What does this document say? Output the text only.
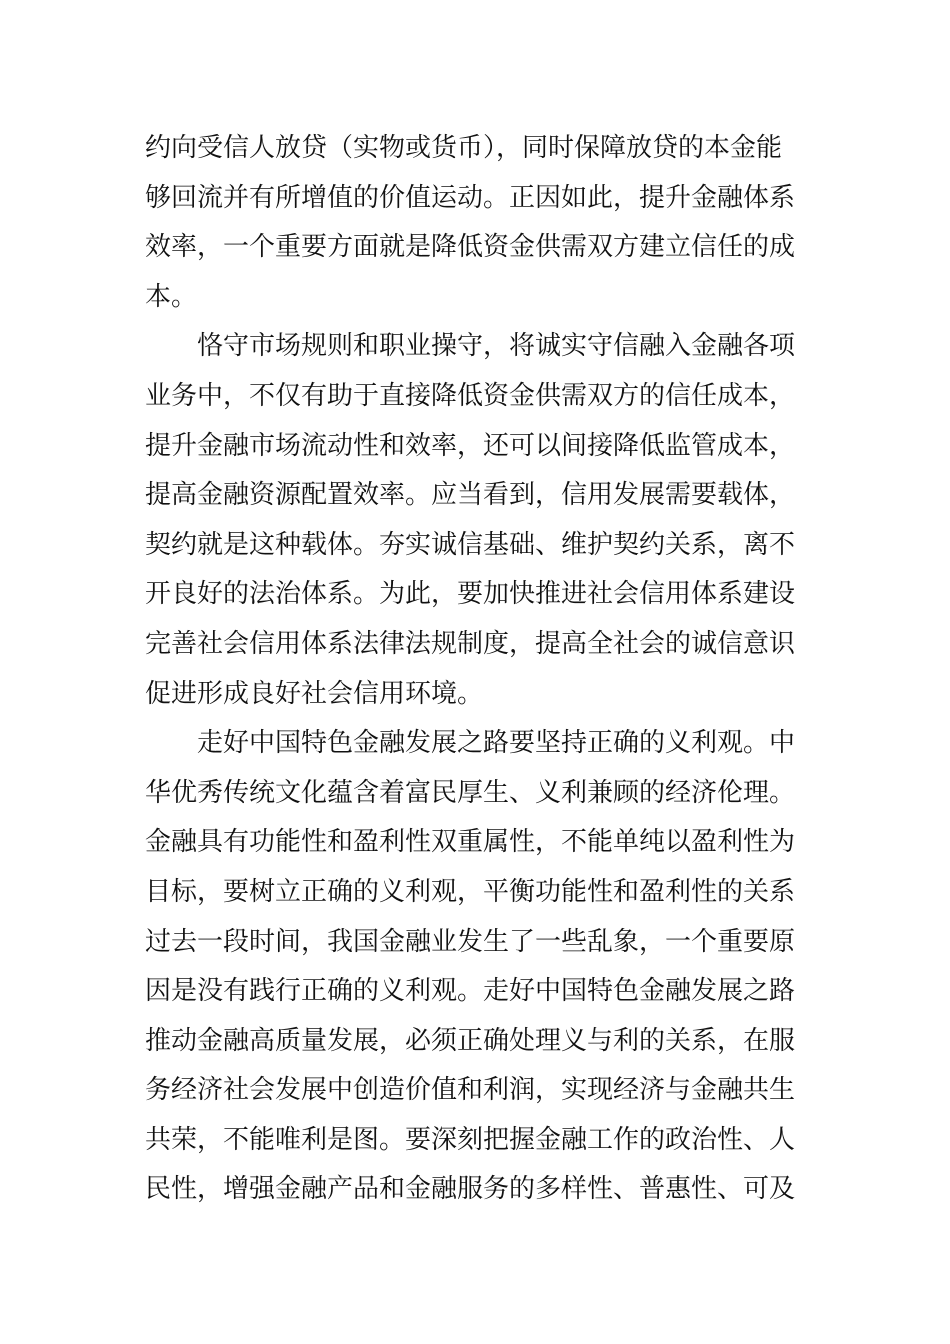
约向受信人放贷（实物或货币），同时保障放贷的本金能
够回流并有所增值的价值运动。正因如此，提升金融体系
效率，一个重要方面就是降低资金供需双方建立信任的成
本。
恪守市场规则和职业操守，将诚实守信融入金融各项
业务中，不仅有助于直接降低资金供需双方的信任成本，
提升金融市场流动性和效率，还可以间接降低监管成本，
提高金融资源配置效率。应当看到，信用发展需要载体，
契约就是这种载体。夯实诚信基础、维护契约关系，离不
开良好的法治体系。为此，要加快推进社会信用体系建设
完善社会信用体系法律法规制度，提高全社会的诚信意识
促进形成良好社会信用环境。
走好中国特色金融发展之路要坚持正确的义利观。中
华优秀传统文化蕴含着富民厚生、义利兼顾的经济伦理。
金融具有功能性和盈利性双重属性，不能单纯以盈利性为
目标，要树立正确的义利观，平衡功能性和盈利性的关系
过去一段时间，我国金融业发生了一些乱象，一个重要原
因是没有践行正确的义利观。走好中国特色金融发展之路
推动金融高质量发展，必须正确处理义与利的关系，在服
务经济社会发展中创造价值和利润，实现经济与金融共生
共荣，不能唯利是图。要深刻把握金融工作的政治性、人
民性，增强金融产品和金融服务的多样性、普惠性、可及
